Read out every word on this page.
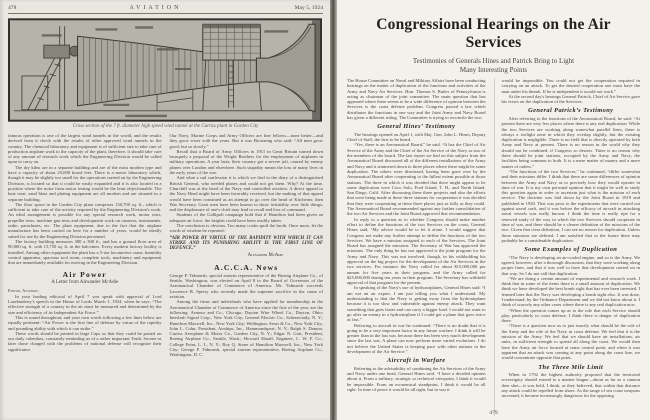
478	AVIATION	May 5, 1924
Cross section of the 7 ft. diameter high speed wind tunnel at the Curtiss plant in Garden City

famous operation is one of the largest wind tunnels in the world, and the results derived from it check with the results of other approved wind tunnels in the country. The chemical laboratory and equipment is of sufficient size to take care of production airplane work to the capacity of the plant, therefore, it should take care of any amount of research work which the Engineering Division would be called upon to carry on.

The dry kilns are in a separate building and are of the most modern type and have a capacity of about 25,000 board feet. There is a motor laboratory which, though it may be slightly too small for the operations carried on by the Engineering Division, is located so that it could be easily expanded and it is also located in a position where the noise from motor testing would be the least objectionable. The heat treat, sand blast and plating equipment are all modern and are situated in a separate building.

The floor space in the Garden City plant comprises 130,700 sq. ft., which is sufficient to take care of the activity required by the Engineering Division's work. An ideal arrangement is possible for any special research work, motor tests, propeller tests, machine gun tests and development work on cameras, instruments, radio, parachutes, etc. The plant equipment, due to the fact that the airplane manufacture has been carried on here for a number of years, would be ideally suited for use by the Engineering Division personnel.

The factory building measures 300 x 300 ft., and has a ground floor area of 90,000 sq. ft. with 15,750 sq. ft. in the balconies. Every modern factory facility is installed. Among other equipment the plant has a 5-ton locomotive crane, humidity control apparatus, spacious tool room, complete tools, machinery and equipment that are immediately available for moving in the Engineering Division.

Air Power
A Letter from Alexander McAdie
Editor, Aviation:

In your leading editorial of April 7 you speak with approval of Lord Londonderry's speech in the House of Lords March 1, 1924, when he says: “The effective strength of a country in the air must be measured and determined by the size and efficiency of its Independent Air Force.”

This is sound throughout; and your own words following a few lines below are equally pertinent: “Air Power is the first line of defense by virtue of the rapidity and pounding ability with which it can strike.”

These words should be printed in large Caps so that they could be pasted on our daily calendars, constantly reminding us of a rather important Truth. Sooner or later those charged with the problems of national defense will recognize their significance.

Our Navy, Marine Corps and Army Officers are fine fellows—none better—and they grow wiser with the years. But it was Browning who said: “All men grow good; but so slowly.”

Recall that a Board of Army Officers in 1911 in Great Britain turned down brusquely a proposal of the Wright Brothers for the employment of airplanes in military operations. A year later, their country got a severe jolt, caused by enemy planes over London and elsewhere. Such stupidity meant the loss of many lives in the early years of the war.

And what a sad confession it is which we find in the diary of a distinguished British General, who needed planes and could not get them. Why? At the time, Churchill was at the head of the Navy and controlled aviation. A direct appeal to the Navy Head might have been favorably received, but the making of that appeal would have been construed as an attempt to go over the head of Kitchener, then War Secretary. Great men have been known to show irritability over little things; and the displeasure of one's chief may lead to recall and loss of command.

Students of the Gallipoli campaign hold that if Hamilton had been given an adequate air force, the heights could have been readily taken.

The conclusion is obvious. Too many cooks spoil the broth. Once more, let the words of wisdom be repeated:

“AIR POWER BY VIRTUE OF THE RAPIDITY WITH WHICH IT CAN STRIKE AND ITS PUNISHING ABILITY IS THE FIRST LINE OF DEFENCE.”

Alexander McAdie
A.C.C.A. News

George P. Tidmarsh, special eastern representative of the Boeing Airplane Co., of Seattle, Washington, was elected on April 8 to the Board of Governors of the Aeronautical Chamber of Commerce of America. Mr. Tidmarsh succeeds Lawrence B. Sperry who recently made the supreme sacrifice in the cause of aviation.

Among the firms and individuals who have applied for membership in the Aeronautical Chamber of Commerce of America since the first of the year, are the following: Armour and Co., Chicago; Dayton Wire Wheel Co., Dayton, Ohio; Interlash Signal Corp., New York City; General Electric Co., Schenectady, N. Y.; Hamilton Maxwell, Inc., New York City; Wellington, Sears & Co., New York City; John L. Cohn, President, Airships, Inc., Hammondsport, N. Y.; Ralph S. Damon, Curtiss Aeroplane & Motor Co., Garden City, N. Y.; Edgar N. Gott, President, Boeing Airplane Co., Seattle, Wash.; Howard Shaaff, Engineer, L. W. F. Co., College Point, L. I., N. Y.; Roy Q. Stone of Hamilton Maxwell, Inc., New York City; George P. Tidmarsh, special eastern representative, Boeing Airplane Co., Washington, D. C.

Congressional Hearings on the Air Services

Testimonies of Generals Hines and Patrick Bring to Light

Many Interesting Points

The House Committee on Naval and Military Affairs have been conducting hearings on the matter of duplication of the functions and activities of the Army and Navy Air Services. Hon. Thomas S. Butler of Pennsylvania is acting as chairman of the joint committee. The main question that has appeared where there seems to be a wide difference of opinion between the Services is the coast defense problem. Congress passed a law which distributes the functions in one way and the Joint Army and Navy Board has given a different ruling. The Committee is trying to reconcile the two.

General Hines’ Testimony

The hearings opened on April 1, with Maj. Gen. John L. Hines, Deputy Chief of Staff, the first to be heard.

“Yes, there is an Aeronautical Board,” he said. “It has the Chief of Air Service of the Army and the Chief of the Air Service of the Navy as two of the members of the board. The last report we had on this subject from the Aeronautical Board discussed all of the different installations of the Army and Navy and it simmered down to three places where there might be some duplication. The others were dismissed, having been gone over by the Aeronautical Board after cooperating to the fullest extent possible at those stations. The three in which it was decided that there might appear to be some duplication were Coco Solo, Ford Island, T. H., and North Island, San Diego, Calif. After discussing these three projects and also the efforts that were being made at these three stations for cooperation it was decided that they were cooperating at these three places just as fully as they could. The Aeronautical Board recommended against any further consolidation of the two Air Services and the Joint Board approved that recommendation.

In reply to a question as to whether Congress should make another effort to define the functions of the two Services on the coast, General Hines said, “My advice would be to let it alone. I would suggest that Congress not make any further attempt to define the functions of the two Services. We have a mission assigned to each of the Services. The Joint Board has assigned the missions. The Secretary of War has approved the missions. The only thing he has not approved is the joint program for the Army and Navy. This was not involved, though, in his withholding his approval on the big project for the development of the Air Services in the two services. For instance the Navy called for about $15,000,000 per annum for five years in their program, and the Army called for $25,000,000 during ten years in their program. The Secretary has withheld approval of that program for the present.

In speaking of the Navy's use of hydroairplanes, General Hines said: “I am not an air expert. I am just telling you what I understand. My understanding is that the Navy is getting away from the hydroairplane because it is too slow and vulnerable against enemy attack. They want something that goes faster and can carry a bigger load. I would not want to go after an enemy in a hydroairplane if I could get a plane that goes twice as fast.”

Referring to aircraft in war he continued: “There is no doubt that it is going to be a very important factor in any future warfare. I think it will be greater than in the last war, because there has been very much development since the last war. A plane can now perform more varied evolutions. I do not believe the United States is keeping pace with other nations in the development of the Air Service.”

Aircraft in Warfare

Referring to the advisability of combining the Air Services of the Army and Navy under one head, General Hines said: “I have a decided opinion about it. From a military, strategic or technical viewpoint, I think it would be impossible. From an economical standpoint, I think it would be all right. In time of peace it would be all right, but in war it

would be impossible. You could not get the cooperation required in carrying on an attack. To get the desired cooperation one must have the man under his thumb. If he is independent it would not work.”

At the second day's hearings General Patrick, Chief of Air Service gave his views on the duplication of the Services.

General Patrick’s Testimony

After referring to the functions of the Aeronautical Board, he said: “At present there are very few places where there is any real duplication. While the two Services are working along somewhat parallel lines, there is always a twilight zone in which they overlap slightly, but the existing duplication is negligible. There is no field that is directly operated by both Army and Navy at present. There is no reason in the world why they should not be combined, if Congress so desires. There is no reason why there should be joint stations, occupied by the Army and Navy, the facilities being common to both. It is a mere matter of money and a mere matter of orders.”

“The functions of the two Services,” he continued, “differ somewhat and their missions differ. I think that there are some differences of opinion between the Army and Navy as to precisely how they would operate in time of war. It is my own personal opinion that it might be well to study this question again in order to ascertain just what is the mission of each service. The doctrine was laid down by the Joint Board in 1919 and published in 1920. That was prior to the experiments that were carried out against naval craft, and it was before the efficacy of aircraft in attacking naval vessels was really known. I think the time is really ripe for a renewed study of the way in which the two Services should cooperate in time of war, and there should be a clearer definition of the missions of the two. Given that clear definition, I can see no reason for duplication. Unless those missions are defined, I am satisfied that in the future there may probably be a considerable duplication.

Some Examples of Duplication

“The Navy is developing an air-cooled engine, and so is the Army. We agreed, however, after a thorough discussion, that they were working along proper lines, and that it was well to have that development carried on in that way. So I do not call that duplication.

“We are doing a certain amount of experimental and research work. I think that in some of the items there is a small amount of duplication. We think we have developed the best bomb sight that has ever been invented. I learned later that the Navy was developing a bomb sight also. It was done, I understand, by the Ordnance Department and we did not know about it. I think of scarcely any other cases where there is any real duplication now.

“When the question comes up as to the role that each Service should play, particularly in coast defense, I think there is danger of duplication there.

“There is a question now as to just exactly what should be the role of the Army and the role of the Navy in coast defense. We feel that it is the mission of the Army. We feel that we should have air installations, air units, in sufficient strength to spread all along the coast. We would then have the Army air force located at some central point, and when it was apparent that an attack was coming at any point along the coast line, we would concentrate opposite that point.

The Three Mile Limit

When in 1792 the highest authority proposed that the territorial sovereignty should extend to a marine league—about as far as a cannon then shot—it was held, I think, or they believed, that within that distance any attack could be repelled from shore. As the range of sea coast weapons increased, it became increasingly dangerous for the opposing

479
